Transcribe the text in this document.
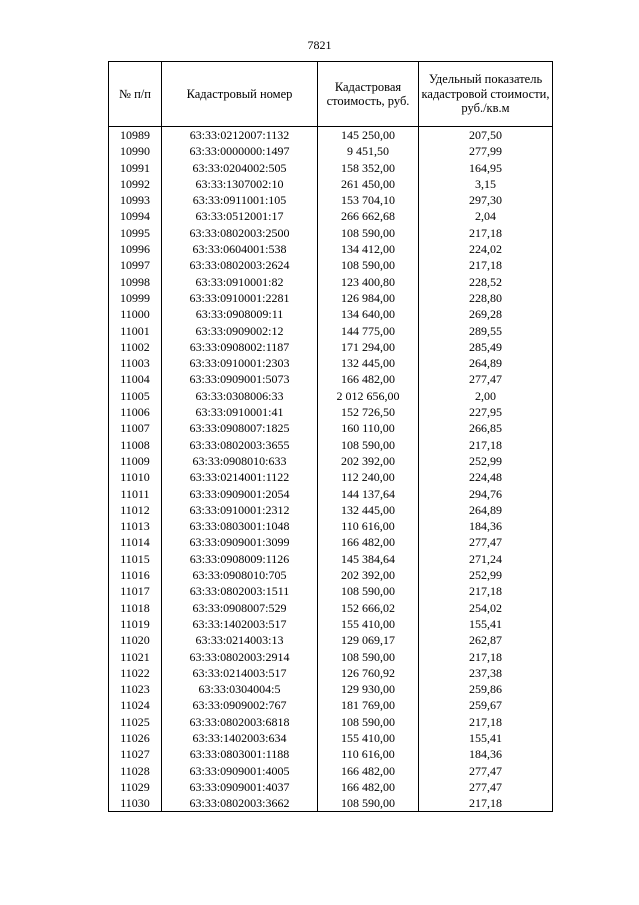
7821
№ п/п	Кадастровый номер	Кадастровая стоимость, руб.	Удельный показатель кадастровой стоимости, руб./кв.м
10989	63:33:0212007:1132	145 250,00	207,50
10990	63:33:0000000:1497	9 451,50	277,99
10991	63:33:0204002:505	158 352,00	164,95
10992	63:33:1307002:10	261 450,00	3,15
10993	63:33:0911001:105	153 704,10	297,30
10994	63:33:0512001:17	266 662,68	2,04
10995	63:33:0802003:2500	108 590,00	217,18
10996	63:33:0604001:538	134 412,00	224,02
10997	63:33:0802003:2624	108 590,00	217,18
10998	63:33:0910001:82	123 400,80	228,52
10999	63:33:0910001:2281	126 984,00	228,80
11000	63:33:0908009:11	134 640,00	269,28
11001	63:33:0909002:12	144 775,00	289,55
11002	63:33:0908002:1187	171 294,00	285,49
11003	63:33:0910001:2303	132 445,00	264,89
11004	63:33:0909001:5073	166 482,00	277,47
11005	63:33:0308006:33	2 012 656,00	2,00
11006	63:33:0910001:41	152 726,50	227,95
11007	63:33:0908007:1825	160 110,00	266,85
11008	63:33:0802003:3655	108 590,00	217,18
11009	63:33:0908010:633	202 392,00	252,99
11010	63:33:0214001:1122	112 240,00	224,48
11011	63:33:0909001:2054	144 137,64	294,76
11012	63:33:0910001:2312	132 445,00	264,89
11013	63:33:0803001:1048	110 616,00	184,36
11014	63:33:0909001:3099	166 482,00	277,47
11015	63:33:0908009:1126	145 384,64	271,24
11016	63:33:0908010:705	202 392,00	252,99
11017	63:33:0802003:1511	108 590,00	217,18
11018	63:33:0908007:529	152 666,02	254,02
11019	63:33:1402003:517	155 410,00	155,41
11020	63:33:0214003:13	129 069,17	262,87
11021	63:33:0802003:2914	108 590,00	217,18
11022	63:33:0214003:517	126 760,92	237,38
11023	63:33:0304004:5	129 930,00	259,86
11024	63:33:0909002:767	181 769,00	259,67
11025	63:33:0802003:6818	108 590,00	217,18
11026	63:33:1402003:634	155 410,00	155,41
11027	63:33:0803001:1188	110 616,00	184,36
11028	63:33:0909001:4005	166 482,00	277,47
11029	63:33:0909001:4037	166 482,00	277,47
11030	63:33:0802003:3662	108 590,00	217,18
